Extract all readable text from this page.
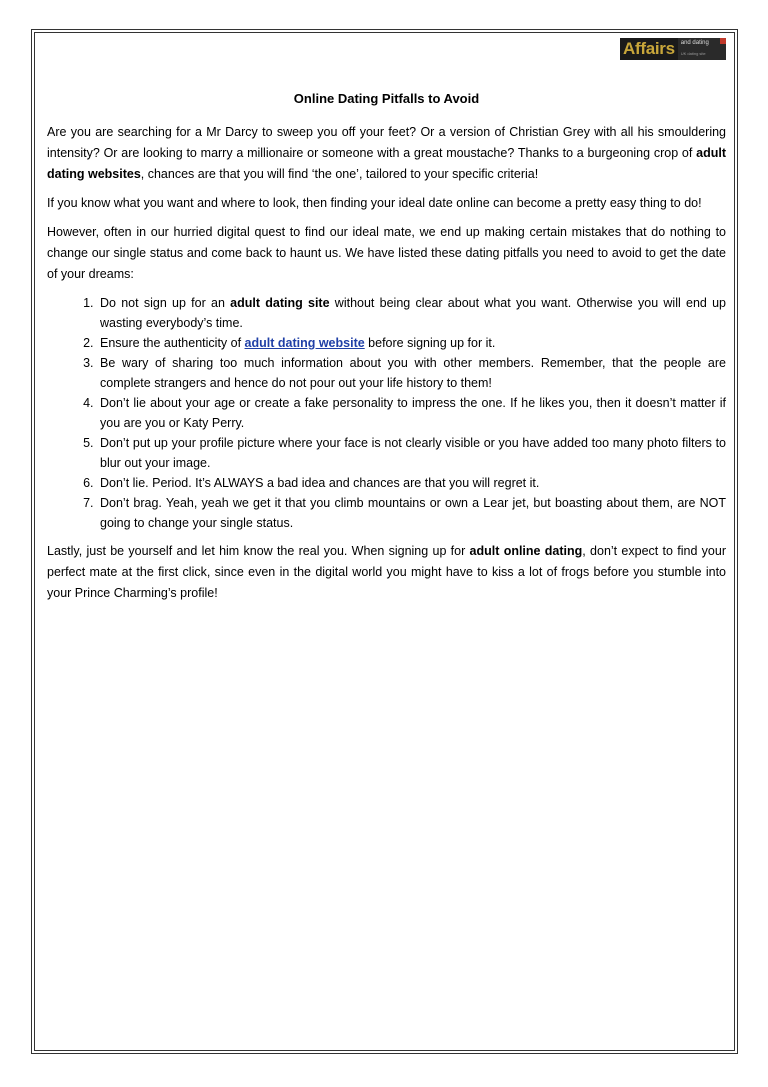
Affairs	and dating
UK dating site
Online Dating Pitfalls to Avoid

Are you are searching for a Mr Darcy to sweep you off your feet? Or a version of Christian Grey with all his smouldering intensity? Or are looking to marry a millionaire or someone with a great moustache? Thanks to a burgeoning crop of adult dating websites, chances are that you will find ‘the one’, tailored to your specific criteria!

If you know what you want and where to look, then finding your ideal date online can become a pretty easy thing to do!

However, often in our hurried digital quest to find our ideal mate, we end up making certain mistakes that do nothing to change our single status and come back to haunt us. We have listed these dating pitfalls you need to avoid to get the date of your dreams:

1. Do not sign up for an adult dating site without being clear about what you want. Otherwise you will end up wasting everybody’s time.
2. Ensure the authenticity of adult dating website before signing up for it.
3. Be wary of sharing too much information about you with other members. Remember, that the people are complete strangers and hence do not pour out your life history to them!
4. Don’t lie about your age or create a fake personality to impress the one. If he likes you, then it doesn’t matter if you are you or Katy Perry.
5. Don’t put up your profile picture where your face is not clearly visible or you have added too many photo filters to blur out your image.
6. Don’t lie. Period. It’s ALWAYS a bad idea and chances are that you will regret it.
7. Don’t brag. Yeah, yeah we get it that you climb mountains or own a Lear jet, but boasting about them, are NOT going to change your single status.

Lastly, just be yourself and let him know the real you. When signing up for adult online dating, don’t expect to find your perfect mate at the first click, since even in the digital world you might have to kiss a lot of frogs before you stumble into your Prince Charming’s profile!
